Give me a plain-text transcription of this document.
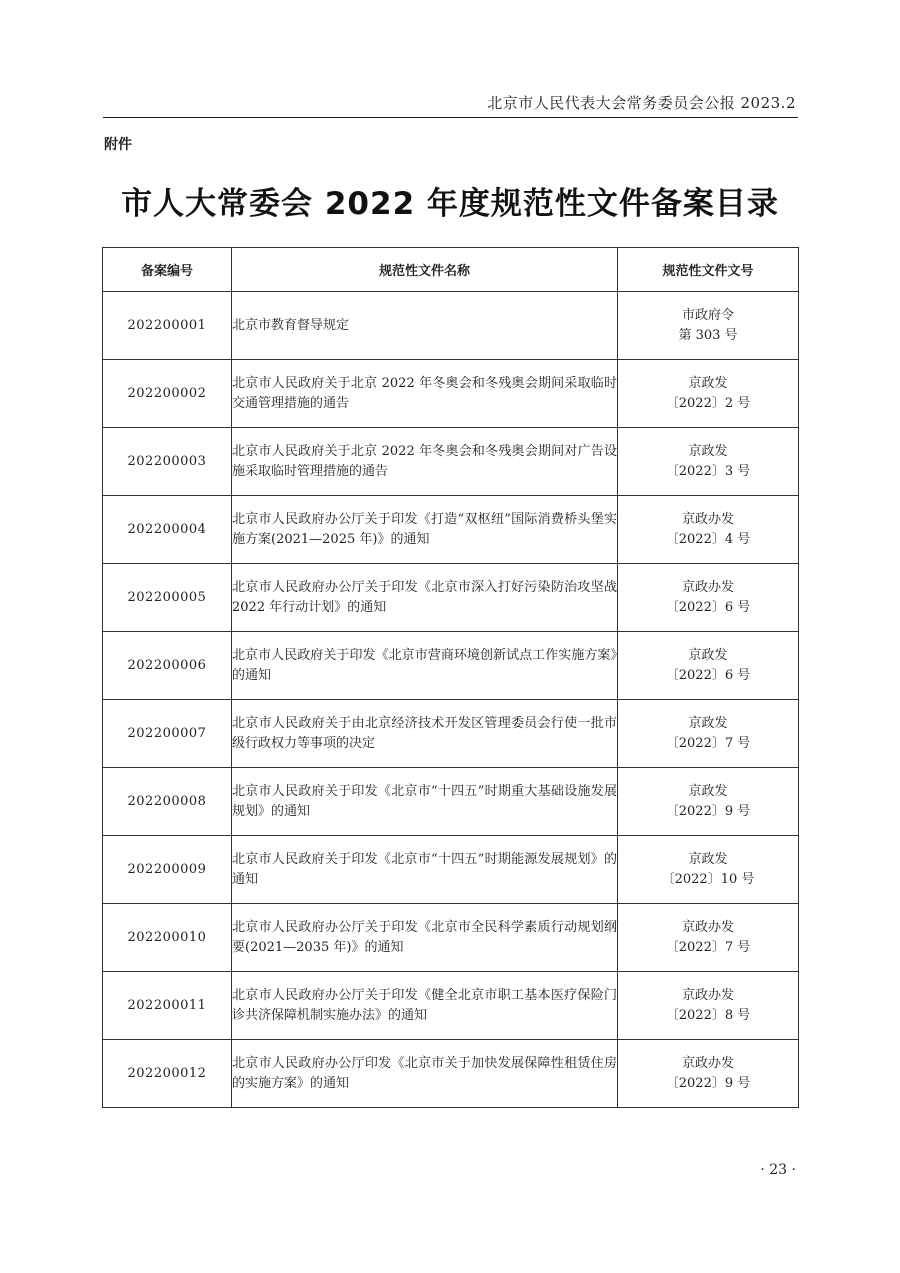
北京市人民代表大会常务委员会公报 2023.2
附件
市人大常委会 2022 年度规范性文件备案目录
备案编号	规范性文件名称	规范性文件文号
202200001	北京市教育督导规定	市政府令
第 303 号

202200002	北京市人民政府关于北京 2022 年冬奥会和冬残奥会期间采取临时交通管理措施的通告	京政发
〔2022〕2 号

202200003	北京市人民政府关于北京 2022 年冬奥会和冬残奥会期间对广告设施采取临时管理措施的通告	京政发
〔2022〕3 号

202200004	北京市人民政府办公厅关于印发《打造“双枢纽”国际消费桥头堡实施方案(2021—2025 年)》的通知	京政办发
〔2022〕4 号

202200005	北京市人民政府办公厅关于印发《北京市深入打好污染防治攻坚战 2022 年行动计划》的通知	京政办发
〔2022〕6 号

202200006	北京市人民政府关于印发《北京市营商环境创新试点工作实施方案》的通知	京政发
〔2022〕6 号

202200007	北京市人民政府关于由北京经济技术开发区管理委员会行使一批市级行政权力等事项的决定	京政发
〔2022〕7 号

202200008	北京市人民政府关于印发《北京市“十四五”时期重大基础设施发展规划》的通知	京政发
〔2022〕9 号

202200009	北京市人民政府关于印发《北京市“十四五”时期能源发展规划》的通知	京政发
〔2022〕10 号

202200010	北京市人民政府办公厅关于印发《北京市全民科学素质行动规划纲要(2021—2035 年)》的通知	京政办发
〔2022〕7 号

202200011	北京市人民政府办公厅关于印发《健全北京市职工基本医疗保险门诊共济保障机制实施办法》的通知	京政办发
〔2022〕8 号

202200012	北京市人民政府办公厅印发《北京市关于加快发展保障性租赁住房的实施方案》的通知	京政办发
〔2022〕9 号
· 23 ·
